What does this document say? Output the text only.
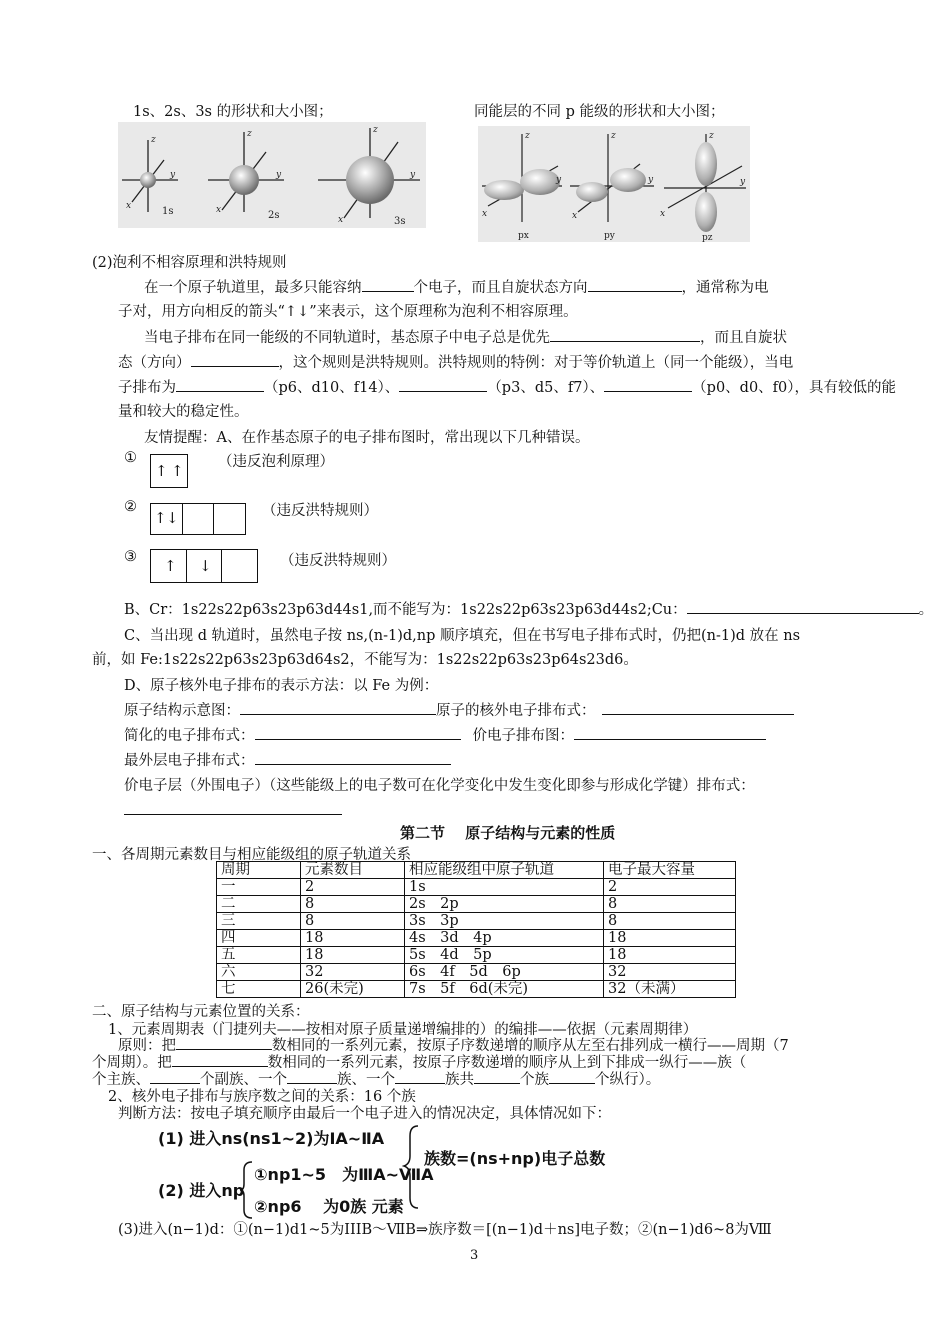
1s、2s、3s 的形状和大小图；	同能层的不同 p 能级的形状和大小图；
z
y
x
z
y
x
z
y
x
1s	2s
3s
z
y
x
z
y
x
z
y
x
px	py	pz
(2)泡利不相容原理和洪特规则
在一个原子轨道里，最多只能容纳	个电子，而且自旋状态方向	，通常称为电
子对，用方向相反的箭头“↑↓”来表示，这个原理称为泡利不相容原理。
当电子排布在同一能级的不同轨道时，基态原子中电子总是优先	，而且自旋状
态（方向）	，这个规则是洪特规则。洪特规则的特例：对于等价轨道上（同一个能级），当电
子排布为	（p6、d10、f14）、	（p3、d5、f7）、	（p0、d0、f0），具有较低的能
量和较大的稳定性。
友情提醒：A、在作基态原子的电子排布图时，常出现以下几种错误。
①
↑ ↑ （违反泡利原理）
②
↑ ↓	（违反洪特规则）
③ ↑ ↓	（违反洪特规则）
B、Cr：1s22s22p63s23p63d44s1,而不能写为：1s22s22p63s23p63d44s2;Cu：	。
C、当出现 d 轨道时，虽然电子按 ns,(n-1)d,np 顺序填充，但在书写电子排布式时，仍把(n-1)d 放在 ns
前，如 Fe:1s22s22p63s23p63d64s2，不能写为：1s22s22p63s23p64s23d6。
D、原子核外电子排布的表示方法：以 Fe 为例：
原子结构示意图：	原子的核外电子排布式：
简化的电子排布式：	价电子排布图：
最外层电子排布式：
价电子层（外围电子）（这些能级上的电子数可在化学变化中发生变化即参与形成化学键）排布式：
第二节　 原子结构与元素的性质
一、各周期元素数目与相应能级组的原子轨道关系
周期	元素数目	相应能级组中原子轨道	电子最大容量
一	2	1s	2
二	8	2s　2p	8
三	8	3s　3p	8
四	18	4s　3d　4p	18
五	18	5s　4d　5p	18
六	32	6s　4f　5d　6p	32
七	26(未完)	7s　5f　6d(未完)	32（未满）
二、原子结构与元素位置的关系：
1、元素周期表（门捷列夫——按相对原子质量递增编排的）的编排——依据（元素周期律）
原则：把	数相同的一系列元素，按原子序数递增的顺序从左至右排列成一横行——周期（7
个周期）。把	数相同的一系列元素，按原子序数递增的顺序从上到下排成一纵行——族（
个主族、	个副族、一个	族、一个	族共	个族	个纵行）。
2、核外电子排布与族序数之间的关系：16 个族
判断方法：按电子填充顺序由最后一个电子进入的情况决定，具体情况如下：
(1) 进入ns(ns1~2)为ⅠA~ⅡA
族数=(ns+np)电子总数
(2) 进入np
①np1~5　为ⅢA~ⅦA
②np6　 为0族 元素
(3)进入(n−1)d：①(n−1)d1~5为IIIB～ⅦB⇒族序数＝[(n−1)d＋ns]电子数；②(n−1)d6~8为Ⅷ
3
